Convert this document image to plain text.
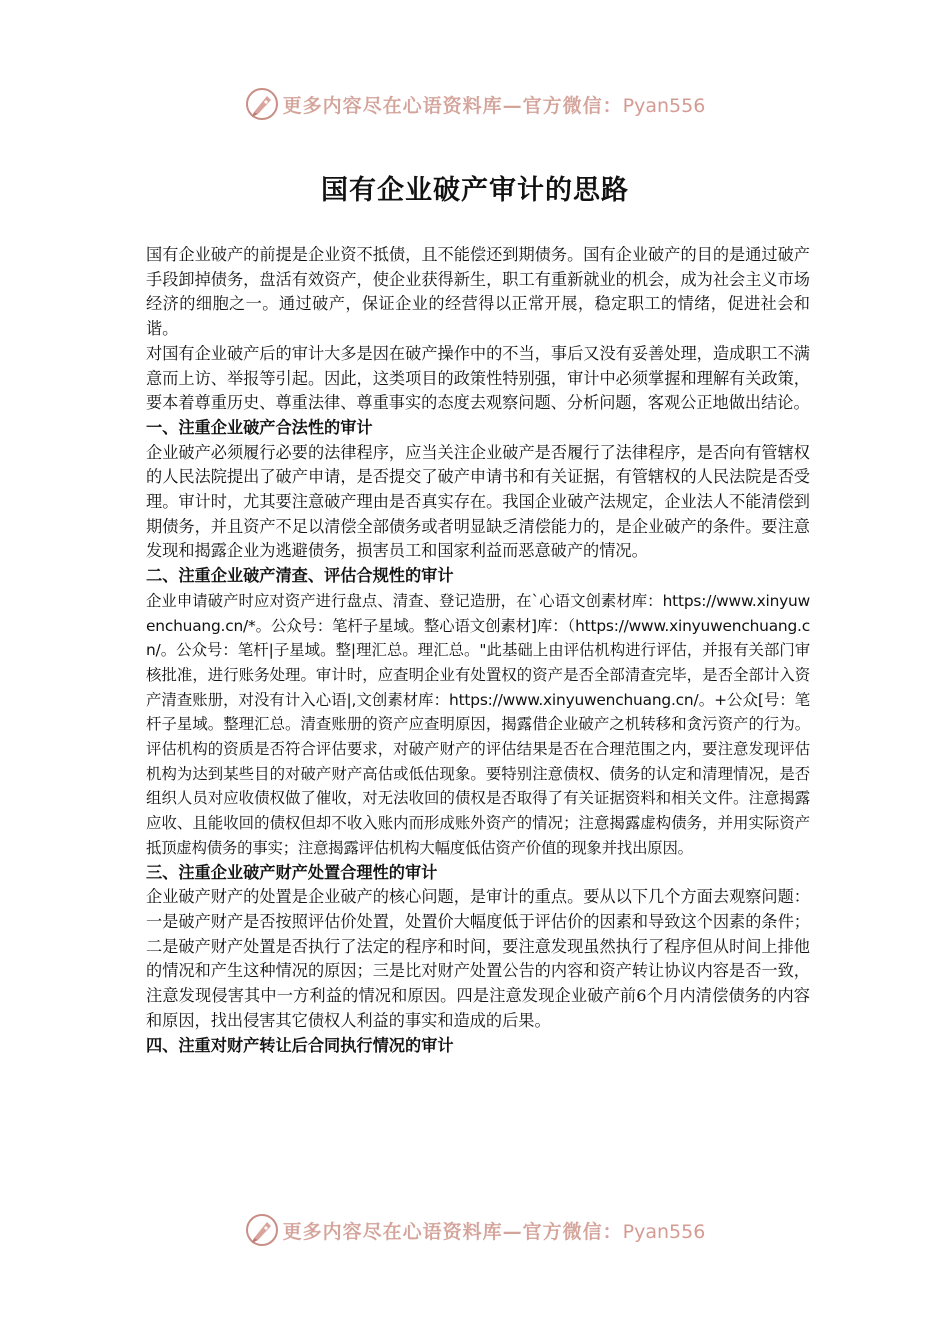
更多内容尽在心语资料库—官方微信：Pyan556
国有企业破产审计的思路

国有企业破产的前提是企业资不抵债，且不能偿还到期债务。国有企业破产的目的是通过破产手段卸掉债务，盘活有效资产，使企业获得新生，职工有重新就业的机会，成为社会主义市场经济的细胞之一。通过破产，保证企业的经营得以正常开展，稳定职工的情绪，促进社会和谐。

对国有企业破产后的审计大多是因在破产操作中的不当，事后又没有妥善处理，造成职工不满意而上访、举报等引起。因此，这类项目的政策性特别强，审计中必须掌握和理解有关政策，要本着尊重历史、尊重法律、尊重事实的态度去观察问题、分析问题，客观公正地做出结论。

一、注重企业破产合法性的审计

企业破产必须履行必要的法律程序，应当关注企业破产是否履行了法律程序，是否向有管辖权的人民法院提出了破产申请，是否提交了破产申请书和有关证据，有管辖权的人民法院是否受理。审计时，尤其要注意破产理由是否真实存在。我国企业破产法规定，企业法人不能清偿到期债务，并且资产不足以清偿全部债务或者明显缺乏清偿能力的，是企业破产的条件。要注意发现和揭露企业为逃避债务，损害员工和国家利益而恶意破产的情况。

二、注重企业破产清查、评估合规性的审计

企业申请破产时应对资产进行盘点、清查、登记造册，在`心语文创素材库：https://www.xinyuwenchuang.cn/*。公众号：笔杆子星域。整心语文创素材]库：（https://www.xinyuwenchuang.cn/。公众号：笔杆|子星域。整|理汇总。理汇总。"此基础上由评估机构进行评估，并报有关部门审核批准，进行账务处理。审计时，应查明企业有处置权的资产是否全部清查完毕，是否全部计入资产清查账册，对没有计入心语|,文创素材库：https://www.xinyuwenchuang.cn/。+公众[号：笔杆子星域。整理汇总。清查账册的资产应查明原因，揭露借企业破产之机转移和贪污资产的行为。评估机构的资质是否符合评估要求，对破产财产的评估结果是否在合理范围之内，要注意发现评估机构为达到某些目的对破产财产高估或低估现象。要特别注意债权、债务的认定和清理情况，是否组织人员对应收债权做了催收，对无法收回的债权是否取得了有关证据资料和相关文件。注意揭露应收、且能收回的债权但却不收入账内而形成账外资产的情况；注意揭露虚构债务，并用实际资产抵顶虚构债务的事实；注意揭露评估机构大幅度低估资产价值的现象并找出原因。

三、注重企业破产财产处置合理性的审计

企业破产财产的处置是企业破产的核心问题，是审计的重点。要从以下几个方面去观察问题：一是破产财产是否按照评估价处置，处置价大幅度低于评估价的因素和导致这个因素的条件；二是破产财产处置是否执行了法定的程序和时间，要注意发现虽然执行了程序但从时间上排他的情况和产生这种情况的原因；三是比对财产处置公告的内容和资产转让协议内容是否一致，注意发现侵害其中一方利益的情况和原因。四是注意发现企业破产前6个月内清偿债务的内容和原因，找出侵害其它债权人利益的事实和造成的后果。

四、注重对财产转让后合同执行情况的审计
更多内容尽在心语资料库—官方微信：Pyan556
